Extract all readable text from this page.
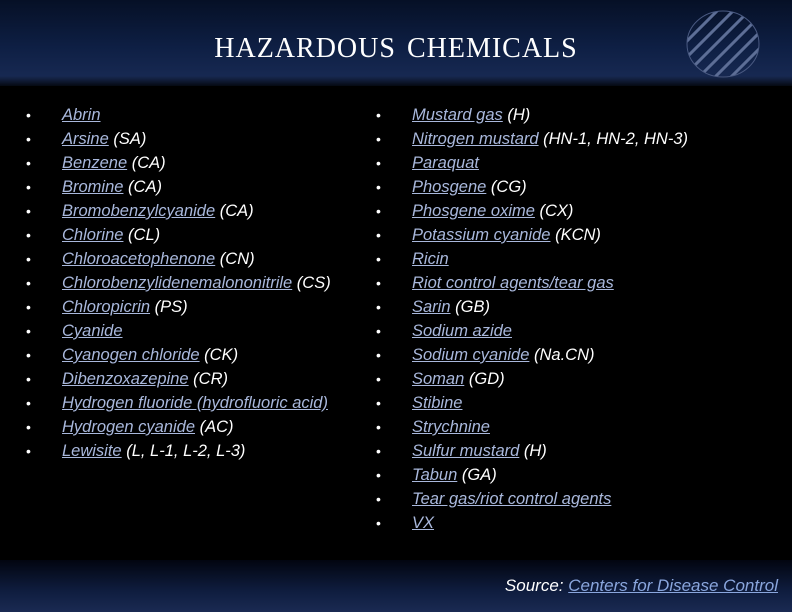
hazardous chemicals
• Abrin
• Arsine (SA)
• Benzene (CA)
• Bromine (CA)
• Bromobenzylcyanide (CA)
• Chlorine (CL)
• Chloroacetophenone (CN)
• Chlorobenzylidenemalononitrile (CS)
• Chloropicrin (PS)
• Cyanide
• Cyanogen chloride (CK)
• Dibenzoxazepine (CR)
• Hydrogen fluoride (hydrofluoric acid)
• Hydrogen cyanide (AC)
• Lewisite (L, L-1, L-2, L-3)
• Mustard gas (H)
• Nitrogen mustard (HN-1, HN-2, HN-3)
• Paraquat
• Phosgene (CG)
• Phosgene oxime (CX)
• Potassium cyanide (KCN)
• Ricin
• Riot control agents/tear gas
• Sarin (GB)
• Sodium azide
• Sodium cyanide (Na.CN)
• Soman (GD)
• Stibine
• Strychnine
• Sulfur mustard (H)
• Tabun (GA)
• Tear gas/riot control agents
• VX
Source: Centers for Disease Control
